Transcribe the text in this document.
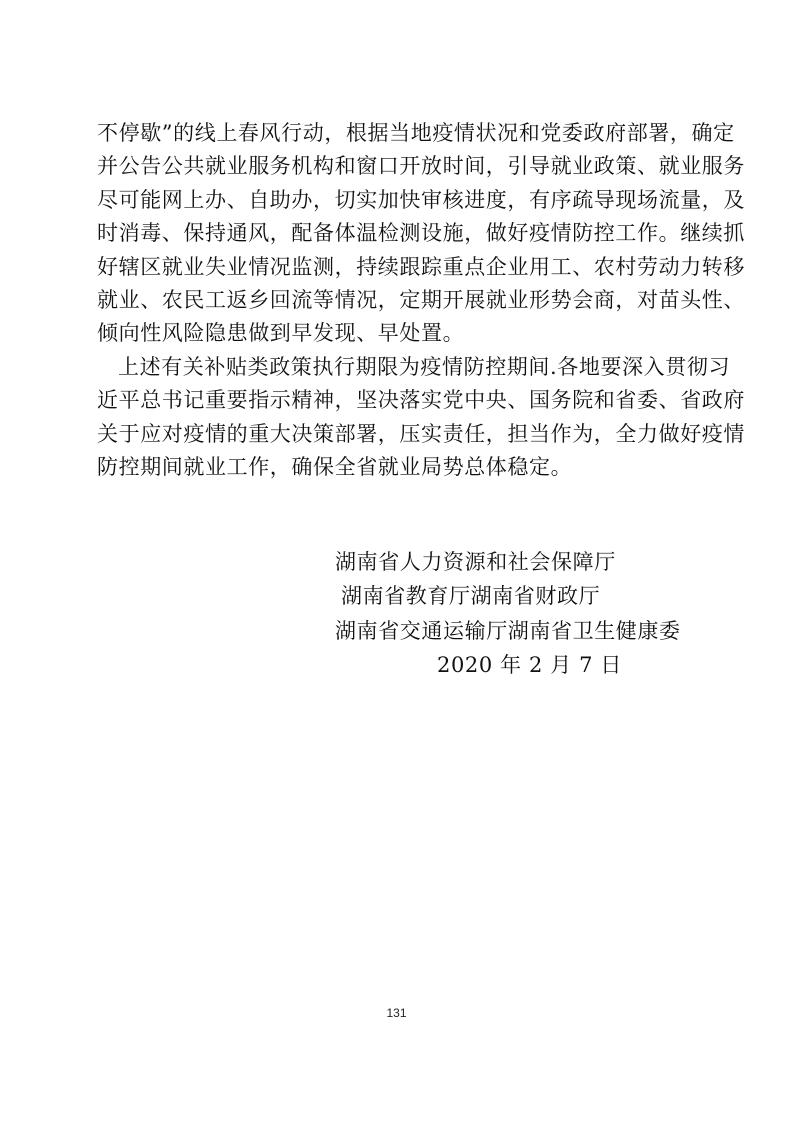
不停歇”的线上春风行动，根据当地疫情状况和党委政府部署，确定
并公告公共就业服务机构和窗口开放时间，引导就业政策、就业服务
尽可能网上办、自助办，切实加快审核进度，有序疏导现场流量，及
时消毒、保持通风，配备体温检测设施，做好疫情防控工作。继续抓
好辖区就业失业情况监测，持续跟踪重点企业用工、农村劳动力转移
就业、农民工返乡回流等情况，定期开展就业形势会商，对苗头性、
倾向性风险隐患做到早发现、早处置。
上述有关补贴类政策执行期限为疫情防控期间.各地要深入贯彻习
近平总书记重要指示精神，坚决落实党中央、国务院和省委、省政府
关于应对疫情的重大决策部署，压实责任，担当作为，全力做好疫情
防控期间就业工作，确保全省就业局势总体稳定。
湖南省人力资源和社会保障厅
湖南省教育厅湖南省财政厅
湖南省交通运输厅湖南省卫生健康委
2020 年 2 月 7 日
131
